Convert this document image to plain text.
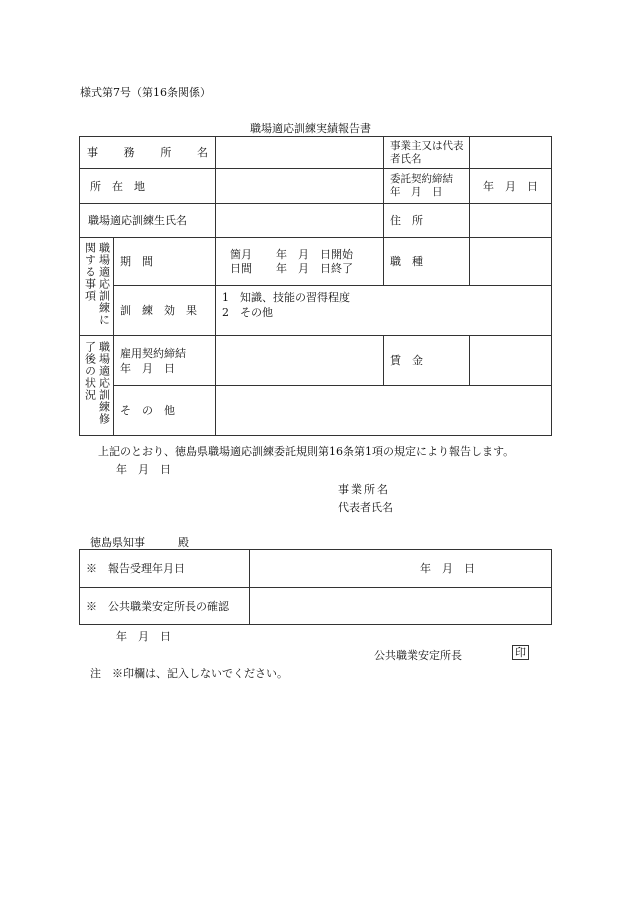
様式第7号（第16条関係）
職場適応訓練実績報告書
事 務 所 名			事業主又は代表者氏名	

所　在　地			委託契約締結
年　月　日	年　月　日

職場適応訓練生氏名			住　所	

職場適応訓練に関する事項	期　間	箇月
日間
年　月　日開始
年　月　日終了	職　種	

	訓　練　効　果	1　知識、技能の習得程度
2　その他		

職場適応訓練修了後の状況	雇用契約締結
年　月　日		賃　金	

	そ　の　他			

上記のとおり、徳島県職場適応訓練委託規則第16条第1項の規定により報告します。
年　月　日
事業所名
代表者氏名
徳島県知事　　　殿
※　報告受理年月日	年　月　日

※　公共職業安定所長の確認	

年　月　日
公共職業安定所長	印
注　※印欄は、記入しないでください。
